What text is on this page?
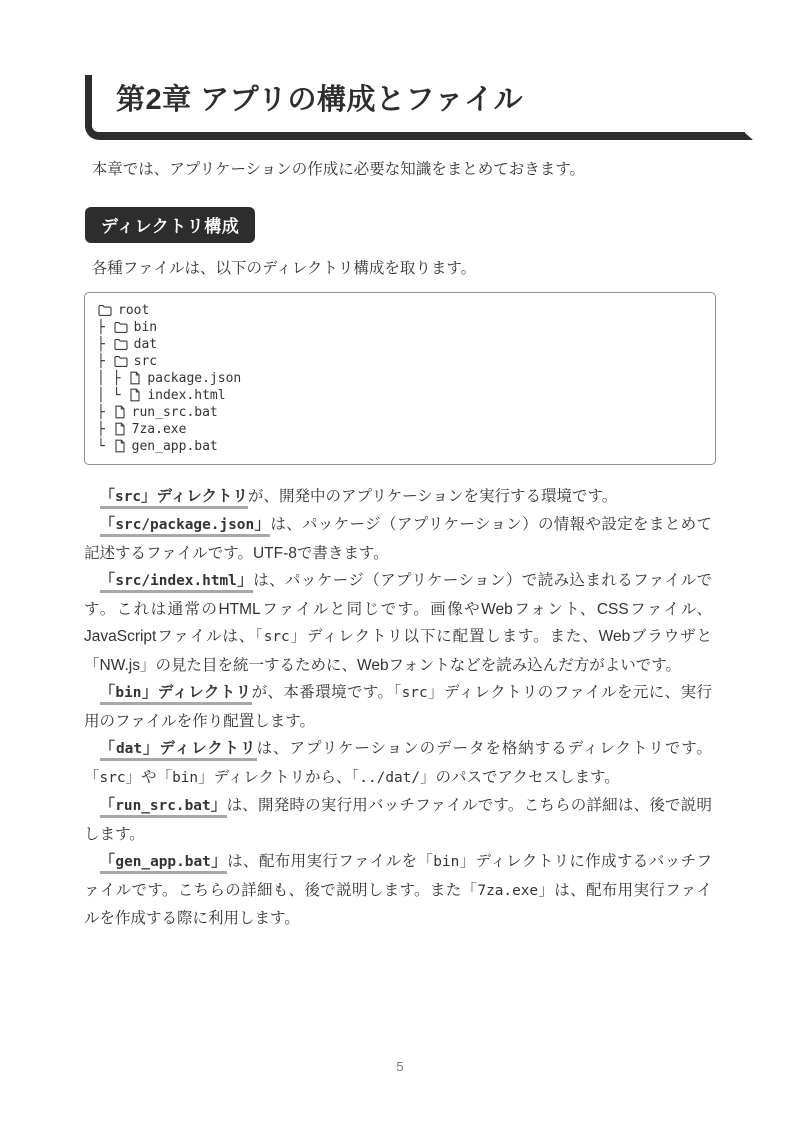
第2章 アプリの構成とファイル

本章では、アプリケーションの作成に必要な知識をまとめておきます。

ディレクトリ構成

各種ファイルは、以下のディレクトリ構成を取ります。

root
├ bin
├ dat
├ src
│ ├ package.json
│ └ index.html
├ run_src.bat
├ 7za.exe
└ gen_app.bat

「src」ディレクトリが、開発中のアプリケーションを実行する環境です。

「src/package.json」は、パッケージ（アプリケーション）の情報や設定をまとめて記述するファイルです。UTF-8で書きます。

「src/index.html」は、パッケージ（アプリケーション）で読み込まれるファイルです。これは通常のHTMLファイルと同じです。画像やWebフォント、CSSファイル、JavaScriptファイルは、「src」ディレクトリ以下に配置します。また、Webブラウザと「NW.js」の見た目を統一するために、Webフォントなどを読み込んだ方がよいです。

「bin」ディレクトリが、本番環境です。「src」ディレクトリのファイルを元に、実行用のファイルを作り配置します。

「dat」ディレクトリは、アプリケーションのデータを格納するディレクトリです。「src」や「bin」ディレクトリから、「../dat/」のパスでアクセスします。

「run_src.bat」は、開発時の実行用バッチファイルです。こちらの詳細は、後で説明します。

「gen_app.bat」は、配布用実行ファイルを「bin」ディレクトリに作成するバッチファイルです。こちらの詳細も、後で説明します。また「7za.exe」は、配布用実行ファイルを作成する際に利用します。

5
